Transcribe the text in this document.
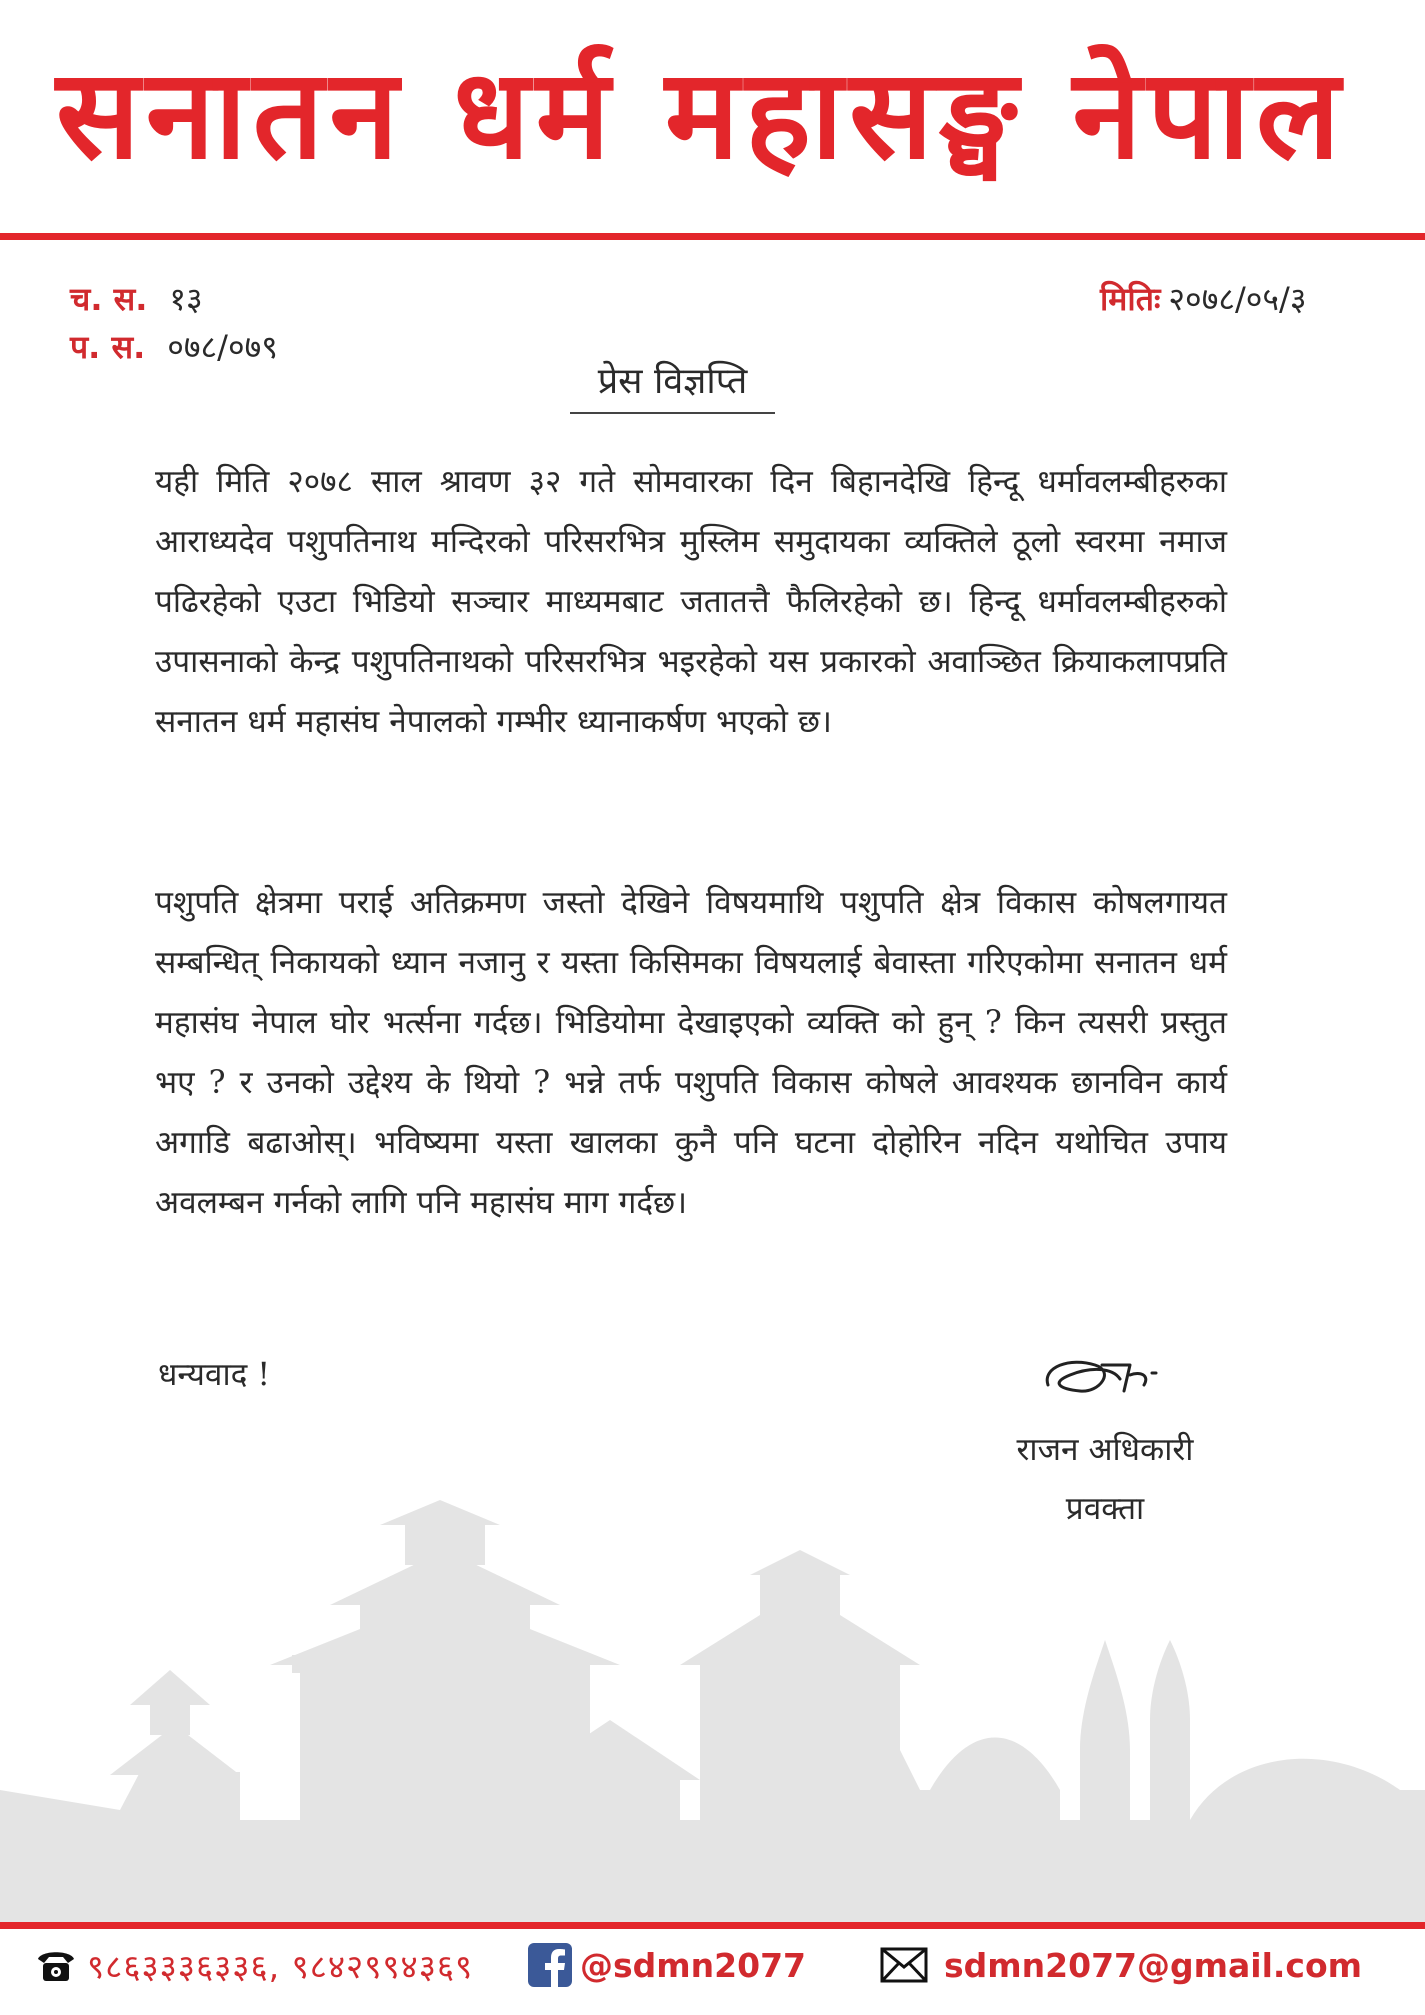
सनातन धर्म महासङ्घ नेपाल
च. स. १३
प. स. ०७८/०७९
मितिः २०७८/०५/३
प्रेस विज्ञप्ति

यही मिति २०७८ साल श्रावण ३२ गते सोमवारका दिन बिहानदेखि हिन्दू धर्मावलम्बीहरुका आराध्यदेव पशुपतिनाथ मन्दिरको परिसरभित्र मुस्लिम समुदायका व्यक्तिले ठूलो स्वरमा नमाज पढिरहेको एउटा भिडियो सञ्चार माध्यमबाट जतातत्तै फैलिरहेको छ। हिन्दू धर्मावलम्बीहरुको उपासनाको केन्द्र पशुपतिनाथको परिसरभित्र भइरहेको यस प्रकारको अवाञ्छित क्रियाकलापप्रति सनातन धर्म महासंघ नेपालको गम्भीर ध्यानाकर्षण भएको छ।

पशुपति क्षेत्रमा पराई अतिक्रमण जस्तो देखिने विषयमाथि पशुपति क्षेत्र विकास कोषलगायत सम्बन्धित् निकायको ध्यान नजानु र यस्ता किसिमका विषयलाई बेवास्ता गरिएकोमा सनातन धर्म महासंघ नेपाल घोर भर्त्सना गर्दछ। भिडियोमा देखाइएको व्यक्ति को हुन् ? किन त्यसरी प्रस्तुत भए ? र उनको उद्देश्य के थियो ? भन्ने तर्फ पशुपति विकास कोषले आवश्यक छानविन कार्य अगाडि बढाओस्। भविष्यमा यस्ता खालका कुनै पनि घटना दोहोरिन नदिन यथोचित उपाय अवलम्बन गर्नको लागि पनि महासंघ माग गर्दछ।

धन्यवाद !
राजन अधिकारी
प्रवक्ता
९८६३३३६३३६, ९८४२९९४३६९	@sdmn2077	sdmn2077@gmail.com
